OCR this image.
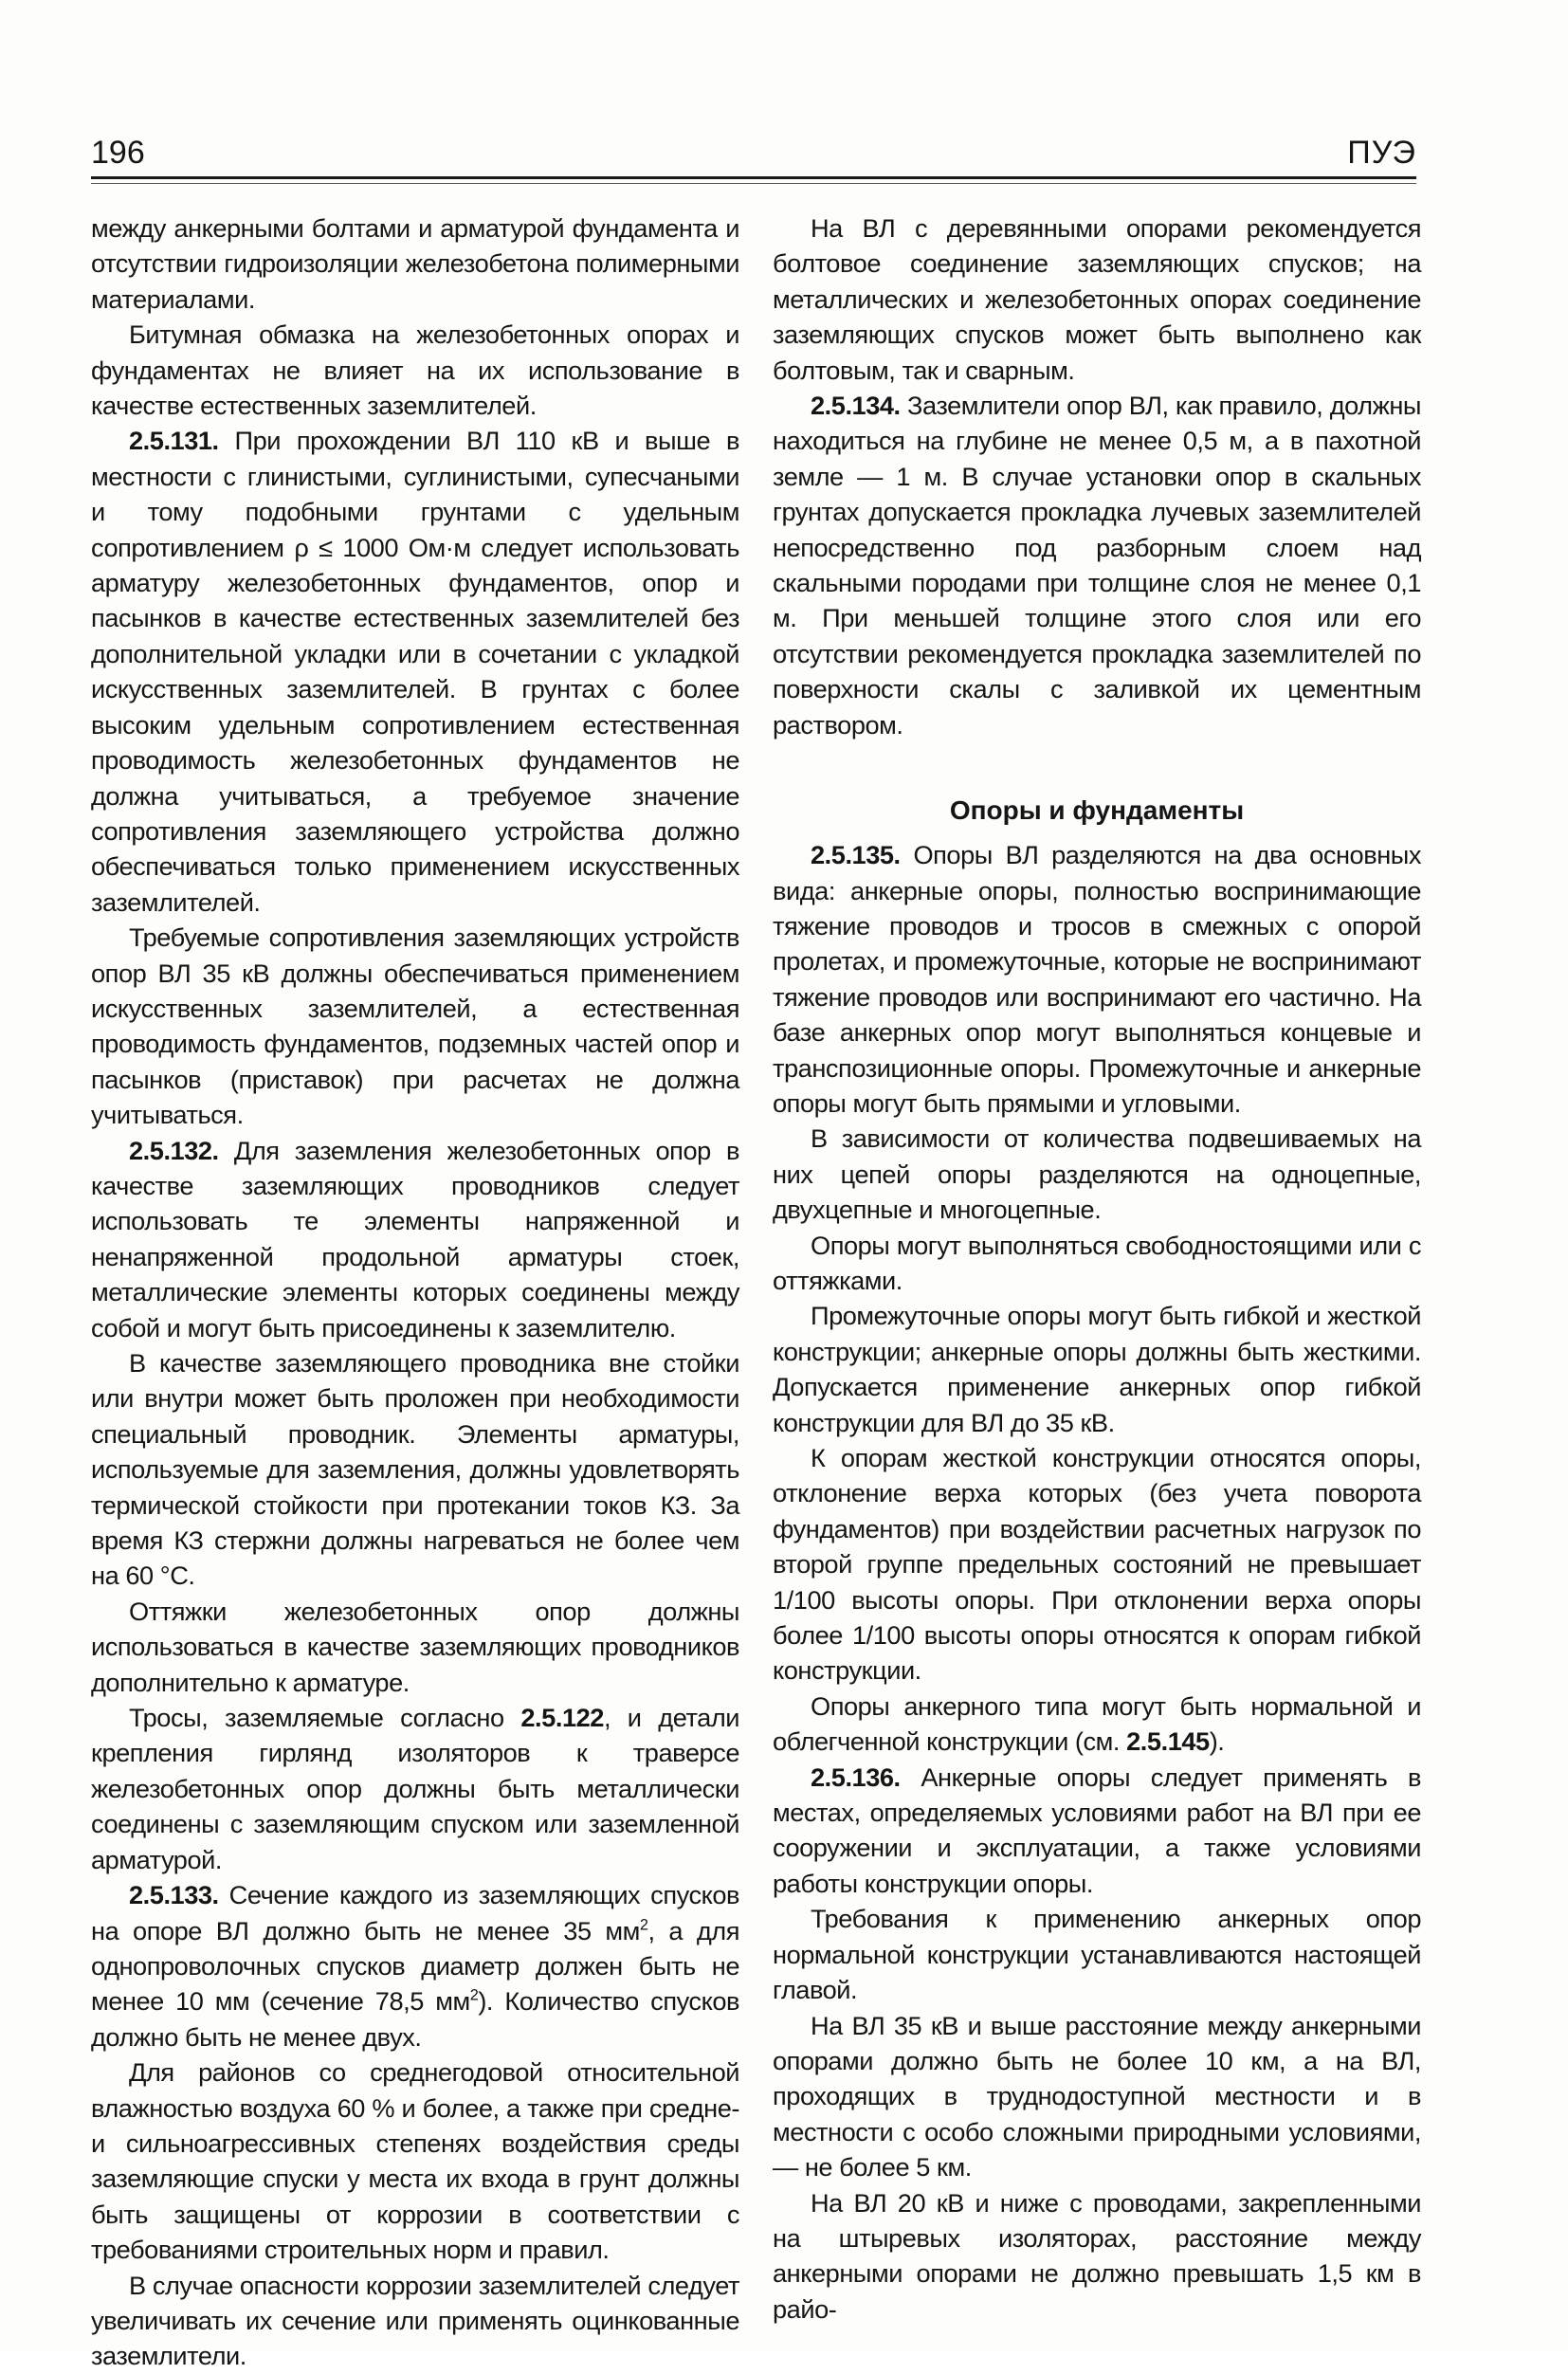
196	ПУЭ

между анкерными болтами и арматурой фундамента и отсутствии гидроизоляции железобетона полимерными материалами.

Битумная обмазка на железобетонных опорах и фундаментах не влияет на их использование в качестве естественных заземлителей.

2.5.131. При прохождении ВЛ 110 кВ и выше в местности с глинистыми, суглинистыми, супесчаными и тому подобными грунтами с удельным сопротивлением ρ ≤ 1000 Ом·м следует использовать арматуру железобетонных фундаментов, опор и пасынков в качестве естественных заземлителей без дополнительной укладки или в сочетании с укладкой искусственных заземлителей. В грунтах с более высоким удельным сопротивлением естественная проводимость железобетонных фундаментов не должна учитываться, а требуемое значение сопротивления заземляющего устройства должно обеспечиваться только применением искусственных заземлителей.

Требуемые сопротивления заземляющих устройств опор ВЛ 35 кВ должны обеспечиваться применением искусственных заземлителей, а естественная проводимость фундаментов, подземных частей опор и пасынков (приставок) при расчетах не должна учитываться.

2.5.132. Для заземления железобетонных опор в качестве заземляющих проводников следует использовать те элементы напряженной и ненапряженной продольной арматуры стоек, металлические элементы которых соединены между собой и могут быть присоединены к заземлителю.

В качестве заземляющего проводника вне стойки или внутри может быть проложен при необходимости специальный проводник. Элементы арматуры, используемые для заземления, должны удовлетворять термической стойкости при протекании токов КЗ. За время КЗ стержни должны нагреваться не более чем на 60 °С.

Оттяжки железобетонных опор должны использоваться в качестве заземляющих проводников дополнительно к арматуре.

Тросы, заземляемые согласно 2.5.122, и детали крепления гирлянд изоляторов к траверсе железобетонных опор должны быть металлически соединены с заземляющим спуском или заземленной арматурой.

2.5.133. Сечение каждого из заземляющих спусков на опоре ВЛ должно быть не менее 35 $мм^2$, а для однопроволочных спусков диаметр должен быть не менее 10 мм (сечение 78,5 $мм^2$). Количество спусков должно быть не менее двух.

Для районов со среднегодовой относительной влажностью воздуха 60 % и более, а также при средне- и сильноагрессивных степенях воздействия среды заземляющие спуски у места их входа в грунт должны быть защищены от коррозии в соответствии с требованиями строительных норм и правил.

В случае опасности коррозии заземлителей следует увеличивать их сечение или применять оцинкованные заземлители.

На ВЛ с деревянными опорами рекомендуется болтовое соединение заземляющих спусков; на металлических и железобетонных опорах соединение заземляющих спусков может быть выполнено как болтовым, так и сварным.

2.5.134. Заземлители опор ВЛ, как правило, должны находиться на глубине не менее 0,5 м, а в пахотной земле — 1 м. В случае установки опор в скальных грунтах допускается прокладка лучевых заземлителей непосредственно под разборным слоем над скальными породами при толщине слоя не менее 0,1 м. При меньшей толщине этого слоя или его отсутствии рекомендуется прокладка заземлителей по поверхности скалы с заливкой их цементным раствором.

Опоры и фундаменты

2.5.135. Опоры ВЛ разделяются на два основных вида: анкерные опоры, полностью воспринимающие тяжение проводов и тросов в смежных с опорой пролетах, и промежуточные, которые не воспринимают тяжение проводов или воспринимают его частично. На базе анкерных опор могут выполняться концевые и транспозиционные опоры. Промежуточные и анкерные опоры могут быть прямыми и угловыми.

В зависимости от количества подвешиваемых на них цепей опоры разделяются на одноцепные, двухцепные и многоцепные.

Опоры могут выполняться свободностоящими или с оттяжками.

Промежуточные опоры могут быть гибкой и жесткой конструкции; анкерные опоры должны быть жесткими. Допускается применение анкерных опор гибкой конструкции для ВЛ до 35 кВ.

К опорам жесткой конструкции относятся опоры, отклонение верха которых (без учета поворота фундаментов) при воздействии расчетных нагрузок по второй группе предельных состояний не превышает 1/100 высоты опоры. При отклонении верха опоры более 1/100 высоты опоры относятся к опорам гибкой конструкции.

Опоры анкерного типа могут быть нормальной и облегченной конструкции (см. 2.5.145).

2.5.136. Анкерные опоры следует применять в местах, определяемых условиями работ на ВЛ при ее сооружении и эксплуатации, а также условиями работы конструкции опоры.

Требования к применению анкерных опор нормальной конструкции устанавливаются настоящей главой.

На ВЛ 35 кВ и выше расстояние между анкерными опорами должно быть не более 10 км, а на ВЛ, проходящих в труднодоступной местности и в местности с особо сложными природными условиями, — не более 5 км.

На ВЛ 20 кВ и ниже с проводами, закрепленными на штыревых изоляторах, расстояние между анкерными опорами не должно превышать 1,5 км в райо-
